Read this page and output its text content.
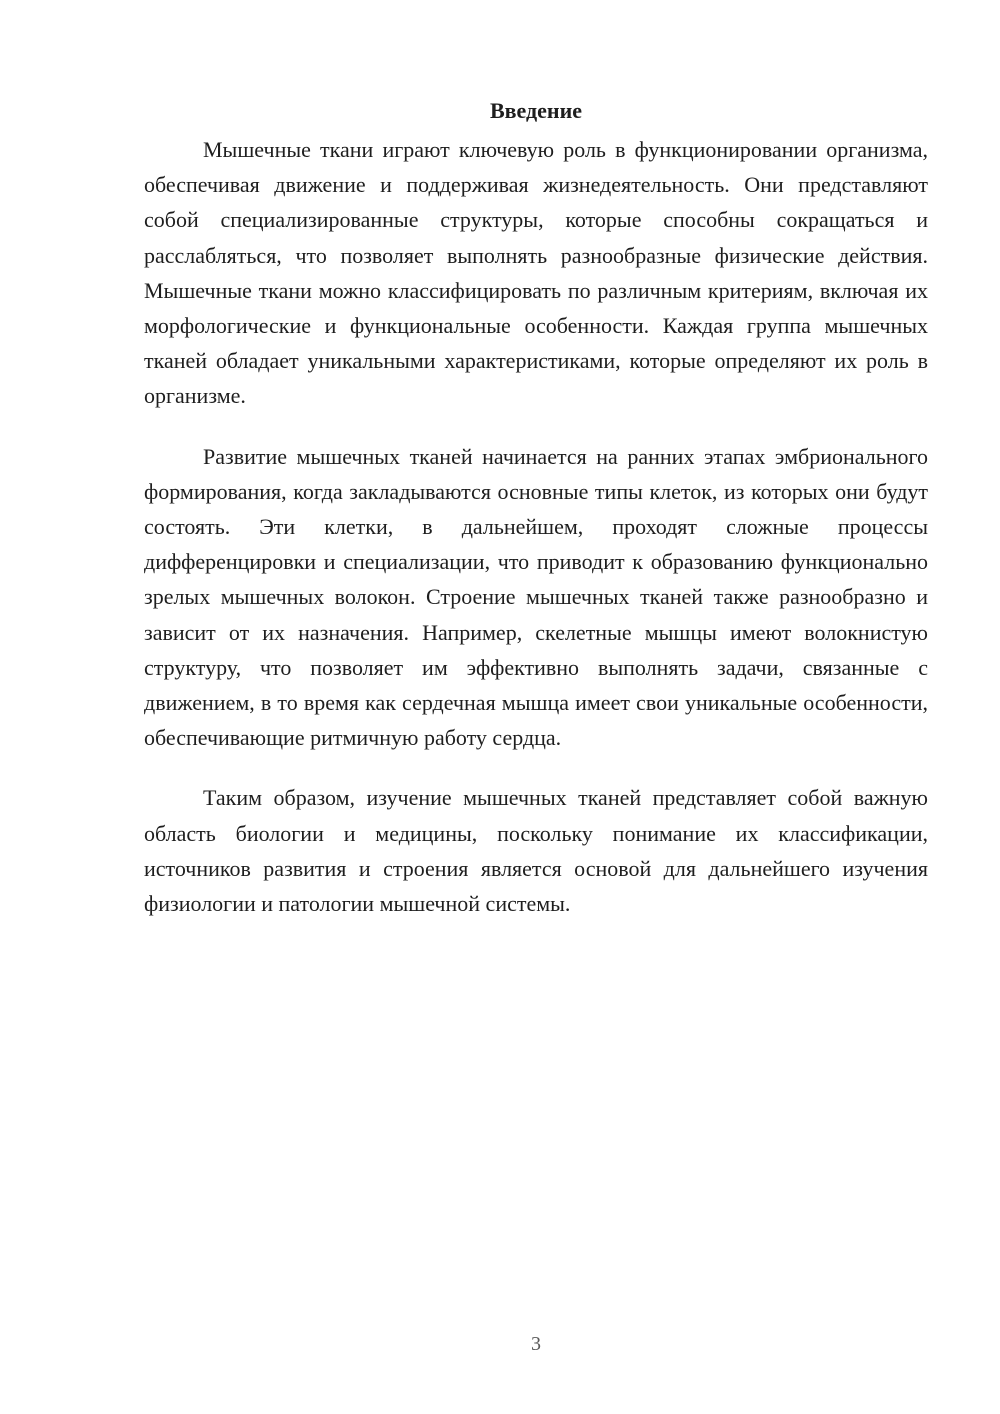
Введение

Мышечные ткани играют ключевую роль в функционировании организма, обеспечивая движение и поддерживая жизнедеятельность. Они представляют собой специализированные структуры, которые способны сокращаться и расслабляться, что позволяет выполнять разнообразные физические действия. Мышечные ткани можно классифицировать по различным критериям, включая их морфологические и функциональные особенности. Каждая группа мышечных тканей обладает уникальными характеристиками, которые определяют их роль в организме.

Развитие мышечных тканей начинается на ранних этапах эмбрионального формирования, когда закладываются основные типы клеток, из которых они будут состоять. Эти клетки, в дальнейшем, проходят сложные процессы дифференцировки и специализации, что приводит к образованию функционально зрелых мышечных волокон. Строение мышечных тканей также разнообразно и зависит от их назначения. Например, скелетные мышцы имеют волокнистую структуру, что позволяет им эффективно выполнять задачи, связанные с движением, в то время как сердечная мышца имеет свои уникальные особенности, обеспечивающие ритмичную работу сердца.

Таким образом, изучение мышечных тканей представляет собой важную область биологии и медицины, поскольку понимание их классификации, источников развития и строения является основой для дальнейшего изучения физиологии и патологии мышечной системы.

3
